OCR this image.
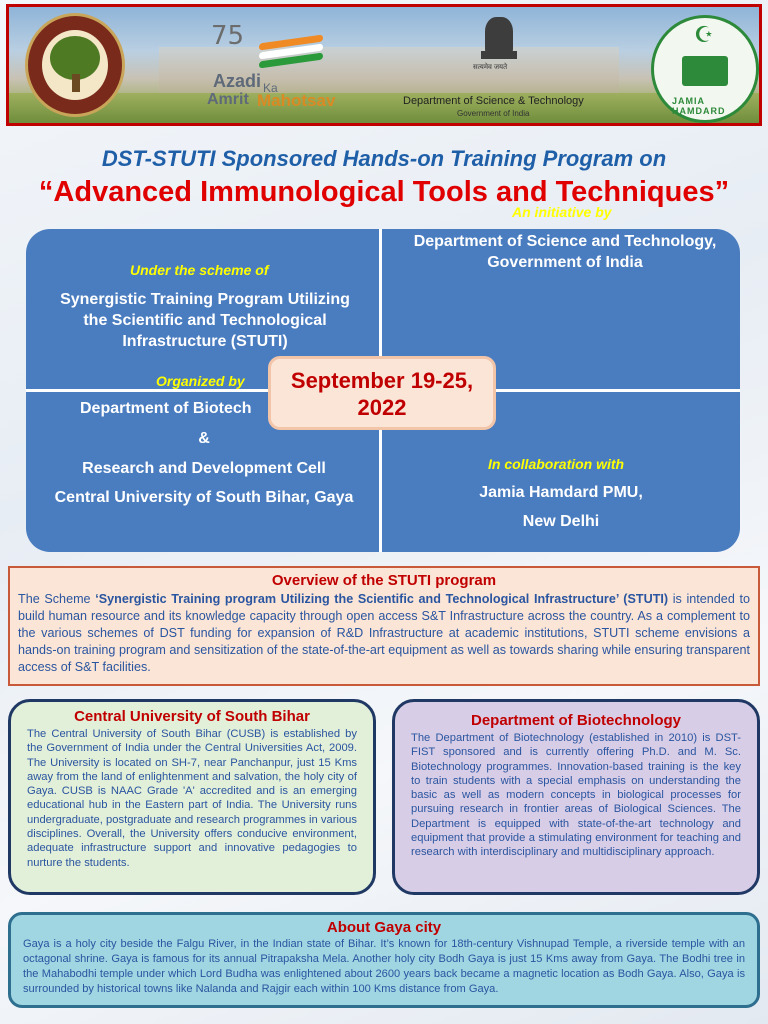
75
Azadi Ka
Amrit Mahotsav
सत्यमेव जयते
Department of Science & Technology
Government of India
☪
JAMIA HAMDARD
DST-STUTI Sponsored Hands-on Training Program on
“Advanced Immunological Tools and Techniques”
Under the scheme of
Synergistic Training Program Utilizing
the Scientific and Technological
Infrastructure (STUTI)
An initiative by
Department of Science and Technology,
Government of India
Organized by
Department of Biotech
&
Research and Development Cell
Central University of South Bihar, Gaya
In collaboration with
Jamia Hamdard PMU,
New Delhi
September 19-25,
2022
Overview of the STUTI program

The Scheme ‘Synergistic Training program Utilizing the Scientific and Technological Infrastructure’ (STUTI) is intended to build human resource and its knowledge capacity through open access S&T Infrastructure across the country. As a complement to the various schemes of DST funding for expansion of R&D Infrastructure at academic institutions, STUTI scheme envisions a hands-on training program and sensitization of the state-of-the-art equipment as well as towards sharing while ensuring transparent access of S&T facilities.

Central University of South Bihar

The Central University of South Bihar (CUSB) is established by the Government of India under the Central Universities Act, 2009. The University is located on SH-7, near Panchanpur, just 15 Kms away from the land of enlightenment and salvation, the holy city of Gaya. CUSB is NAAC Grade 'A' accredited and is an emerging educational hub in the Eastern part of India. The University runs undergraduate, postgraduate and research programmes in various disciplines. Overall, the University offers conducive environment, adequate infrastructure support and innovative pedagogies to nurture the students.

Department of Biotechnology

The Department of Biotechnology (established in 2010) is DST-FIST sponsored and is currently offering Ph.D. and M. Sc. Biotechnology programmes. Innovation-based training is the key to train students with a special emphasis on understanding the basic as well as modern concepts in biological processes for pursuing research in frontier areas of Biological Sciences. The Department is equipped with state-of-the-art technology and equipment that provide a stimulating environment for teaching and research with interdisciplinary and multidisciplinary approach.

About Gaya city

Gaya is a holy city beside the Falgu River, in the Indian state of Bihar. It’s known for 18th-century Vishnupad Temple, a riverside temple with an octagonal shrine. Gaya is famous for its annual Pitrapaksha Mela. Another holy city Bodh Gaya is just 15 Kms away from Gaya. The Bodhi tree in the Mahabodhi temple under which Lord Budha was enlightened about 2600 years back became a magnetic location as Bodh Gaya. Also, Gaya is surrounded by historical towns like Nalanda and Rajgir each within 100 Kms distance from Gaya.
